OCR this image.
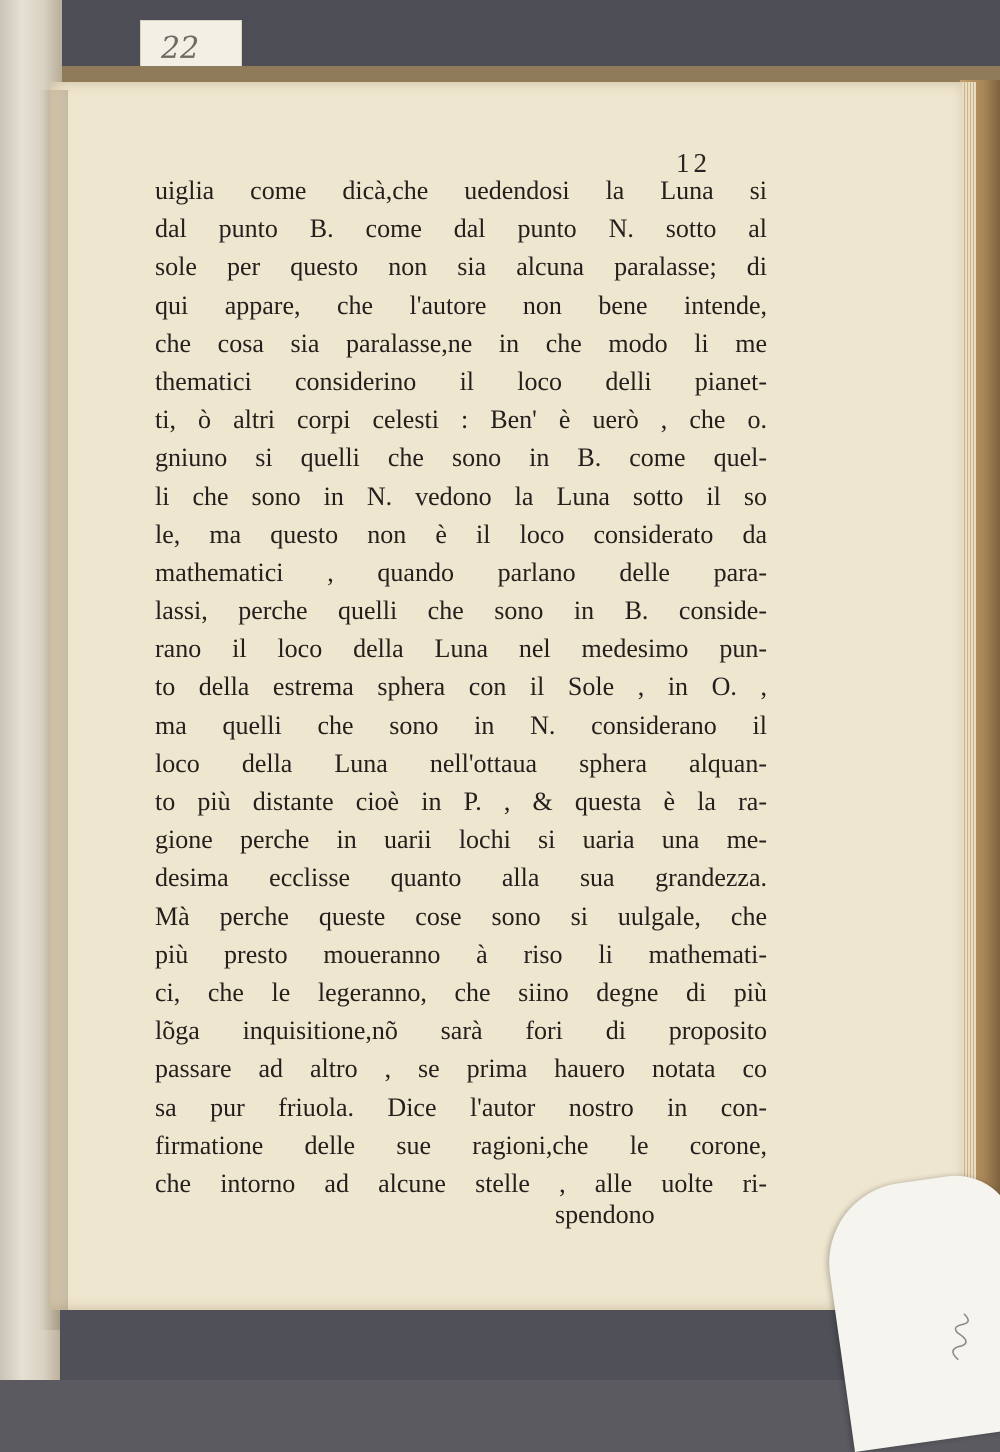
22
12
uiglia come dicà,che uedendosi la Luna si
dal punto B. come dal punto N. sotto al
sole per questo non sia alcuna paralasse; di
qui appare, che l'autore non bene intende,
che cosa sia paralasse,ne in che modo li me
thematici considerino il loco delli pianet-
ti, ò altri corpi celesti : Ben' è uerò , che o.
gniuno si quelli che sono in B. come quel-
li che sono in N. vedono la Luna sotto il so
le, ma questo non è il loco considerato da
mathematici , quando parlano delle para-
lassi, perche quelli che sono in B. conside-
rano il loco della Luna nel medesimo pun-
to della estrema sphera con il Sole , in O. ,
ma quelli che sono in N. considerano il
loco della Luna nell'ottaua sphera alquan-
to più distante cioè in P. , & questa è la ra-
gione perche in uarii lochi si uaria una me-
desima ecclisse quanto alla sua grandezza.
Mà perche queste cose sono si uulgale, che
più presto moueranno à riso li mathemati-
ci, che le legeranno, che siino degne di più
lõga inquisitione,nõ sarà fori di proposito
passare ad altro , se prima hauero notata co
sa pur friuola. Dice l'autor nostro in con-
firmatione delle sue ragioni,che le corone,
che intorno ad alcune stelle , alle uolte ri-
spendono
